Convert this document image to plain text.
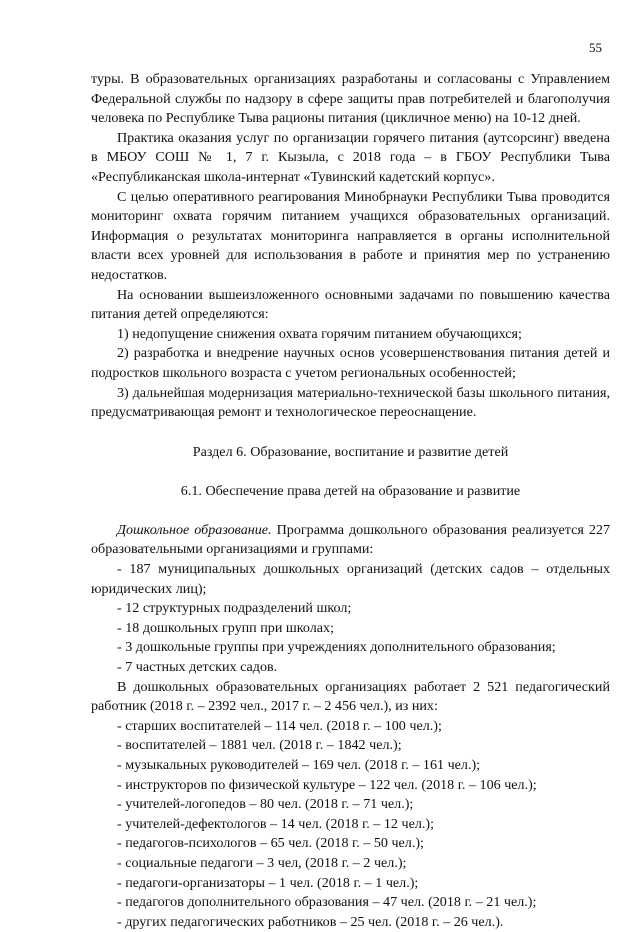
55

туры. В образовательных организациях разработаны и согласованы с Управлением Федеральной службы по надзору в сфере защиты прав потребителей и благополучия человека по Республике Тыва рационы питания (цикличное меню) на 10-12 дней.

Практика оказания услуг по организации горячего питания (аутсорсинг) введена в МБОУ СОШ № 1, 7 г. Кызыла, с 2018 года – в ГБОУ Республики Тыва «Республиканская школа-интернат «Тувинский кадетский корпус».

С целью оперативного реагирования Минобрнауки Республики Тыва проводится мониторинг охвата горячим питанием учащихся образовательных организаций. Информация о результатах мониторинга направляется в органы исполнительной власти всех уровней для использования в работе и принятия мер по устранению недостатков.

На основании вышеизложенного основными задачами по повышению качества питания детей определяются:

1) недопущение снижения охвата горячим питанием обучающихся;

2) разработка и внедрение научных основ усовершенствования питания детей и подростков школьного возраста с учетом региональных особенностей;

3) дальнейшая модернизация материально-технической базы школьного питания, предусматривающая ремонт и технологическое переоснащение.

Раздел 6. Образование, воспитание и развитие детей

6.1. Обеспечение права детей на образование и развитие

Дошкольное образование. Программа дошкольного образования реализуется 227 образовательными организациями и группами:

- 187 муниципальных дошкольных организаций (детских садов – отдельных юридических лиц);

- 12 структурных подразделений школ;

- 18 дошкольных групп при школах;

- 3 дошкольные группы при учреждениях дополнительного образования;

- 7 частных детских садов.

В дошкольных образовательных организациях работает 2 521 педагогический работник (2018 г. – 2392 чел., 2017 г. – 2 456 чел.), из них:

- старших воспитателей – 114 чел. (2018 г. – 100 чел.);

- воспитателей – 1881 чел. (2018 г. – 1842 чел.);

- музыкальных руководителей – 169 чел. (2018 г. – 161 чел.);

- инструкторов по физической культуре – 122 чел. (2018 г. – 106 чел.);

- учителей-логопедов – 80 чел. (2018 г. – 71 чел.);

- учителей-дефектологов – 14 чел. (2018 г. – 12 чел.);

- педагогов-психологов – 65 чел. (2018 г. – 50 чел.);

- социальные педагоги – 3 чел, (2018 г. – 2 чел.);

- педагоги-организаторы – 1 чел. (2018 г. – 1 чел.);

- педагогов дополнительного образования – 47 чел. (2018 г. – 21 чел.);

- других педагогических работников – 25 чел. (2018 г. – 26 чел.).
